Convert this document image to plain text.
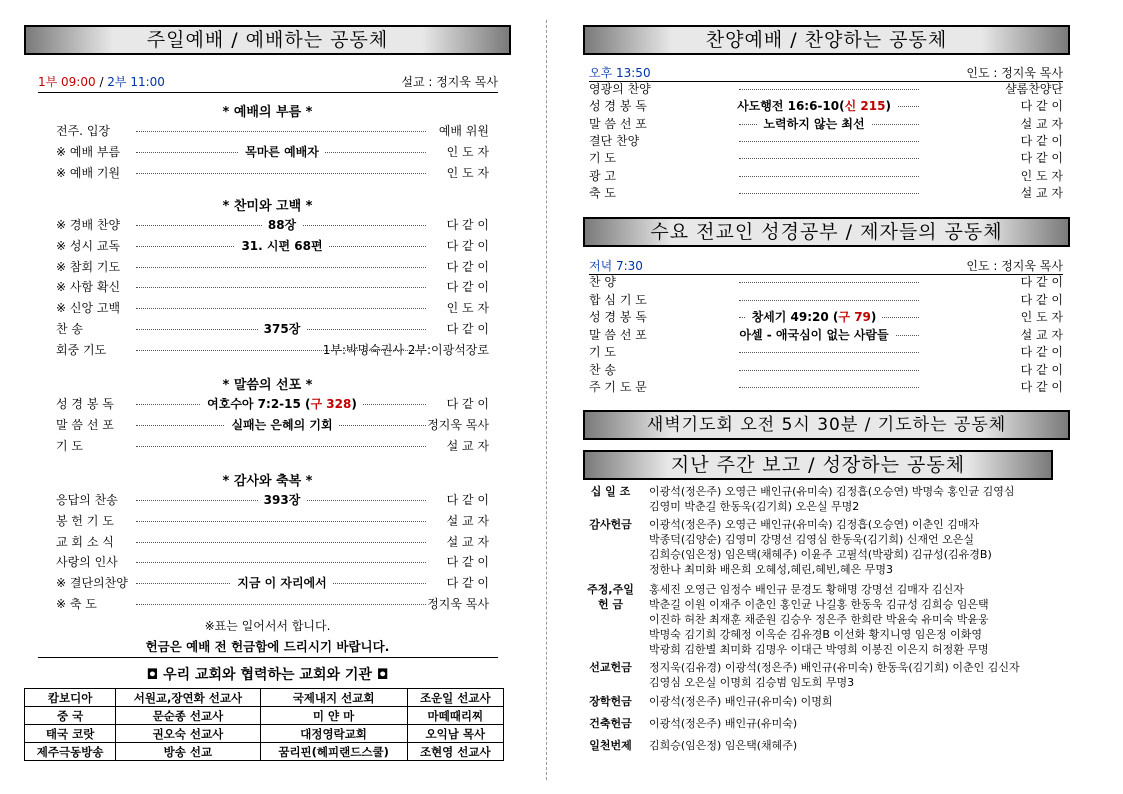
주일예배 / 예배하는 공동체
1부 09:00 / 2부 11:00	설교 : 정지욱 목사
* 예배의 부름 *
전주. 입장	예배 위원
※ 예배 부름	목마른 예배자	인 도 자
※ 예배 기원	인 도 자
* 찬미와 고백 *
※ 경배 찬양	88장	다 같 이
※ 성시 교독	31. 시편 68편	다 같 이
※ 참회 기도	다 같 이
※ 사함 확신	다 같 이
※ 신앙 고백	인 도 자
찬 송	375장	다 같 이
회중 기도	1부:박명숙권사 2부:이광석장로
* 말씀의 선포 *
성 경 봉 독	여호수아 7:2-15 (구 328)	다 같 이
말 씀 선 포	실패는 은혜의 기회	정지욱 목사
기 도	설 교 자
* 감사와 축복 *
응답의 찬송	393장	다 같 이
봉 헌 기 도	설 교 자
교 회 소 식	설 교 자
사랑의 인사	다 같 이
※ 결단의찬양	지금 이 자리에서	다 같 이
※ 축 도	정지욱 목사
※표는 일어서서 합니다.
헌금은 예배 전 헌금함에 드리시기 바랍니다.
◘ 우리 교회와 협력하는 교회와 기관 ◘
캄보디아	서원교,장연화 선교사	국제내지 선교회	조운일 선교사
중 국	문순종 선교사	미 얀 마	마떼때리찌
태국 코랏	권오숙 선교사	대정영락교회	오익남 목사
제주극동방송	방송 선교	꿈리핀(헤피랜드스쿨)	조현영 선교사
찬양예배 / 찬양하는 공동체
오후 13:50	인도 : 정지욱 목사
영광의 찬양	샬롬찬양단
성 경 봉 독	사도행전 16:6-10(신 215)	다 같 이
말 씀 선 포	노력하지 않는 최선	설 교 자
결단 찬양	다 같 이
기 도	다 같 이
광 고	인 도 자
축 도	설 교 자
수요 전교인 성경공부 / 제자들의 공동체
저녁 7:30	인도 : 정지욱 목사
찬 양	다 같 이
합 심 기 도	다 같 이
성 경 봉 독	창세기 49:20 (구 79)	인 도 자
말 씀 선 포	아셀 - 애국심이 없는 사람들	설 교 자
기 도	다 같 이
찬 송	다 같 이
주 기 도 문	다 같 이
새벽기도회 오전 5시 30분 / 기도하는 공동체
지난 주간 보고 / 성장하는 공동체
십 일 조	이광석(정은주) 오영근 배인규(유미숙) 김정흡(오승연) 박명숙 홍인균 김영심
김영미 박춘길 한동욱(김기희) 오은실 무명2
감사헌금	이광석(정은주) 오영근 배인규(유미숙) 김정흡(오승연) 이춘인 김매자
박종덕(김양순) 김영미 강명선 김영심 한동욱(김기희) 신재언 오은실
김희승(임은정) 임은택(채혜주) 이윤주 고필석(박광희) 김규성(김유경B)
정한나 최미화 배은희 오혜성,혜린,혜빈,혜은 무명3
주정,주일
헌 금
홍세진 오영근 임정수 배인규 문경도 황해명 강명선 김매자 김신자
박춘길 이원 이재주 이춘인 홍인균 나길홍 한동욱 김규성 김희승 임은택
이진하 허찬 최재훈 채준원 김승우 정은주 한희란 박윤숙 유미숙 박윤웅
박명숙 김기희 강혜정 이옥순 김유경B 이선화 황지니영 임은정 이화영
박광희 김한별 최미화 김명우 이대근 박영희 이봉진 이은지 허정환 무명
선교헌금	정지욱(김유경) 이광석(정은주) 배인규(유미숙) 한동욱(김기희) 이춘인 김신자
김영심 오은실 이명희 김승범 임도희 무명3
장학헌금	이광석(정은주) 배인규(유미숙) 이명희
건축헌금	이광석(정은주) 배인규(유미숙)
일천번제	김희승(임은정) 임은택(채혜주)
